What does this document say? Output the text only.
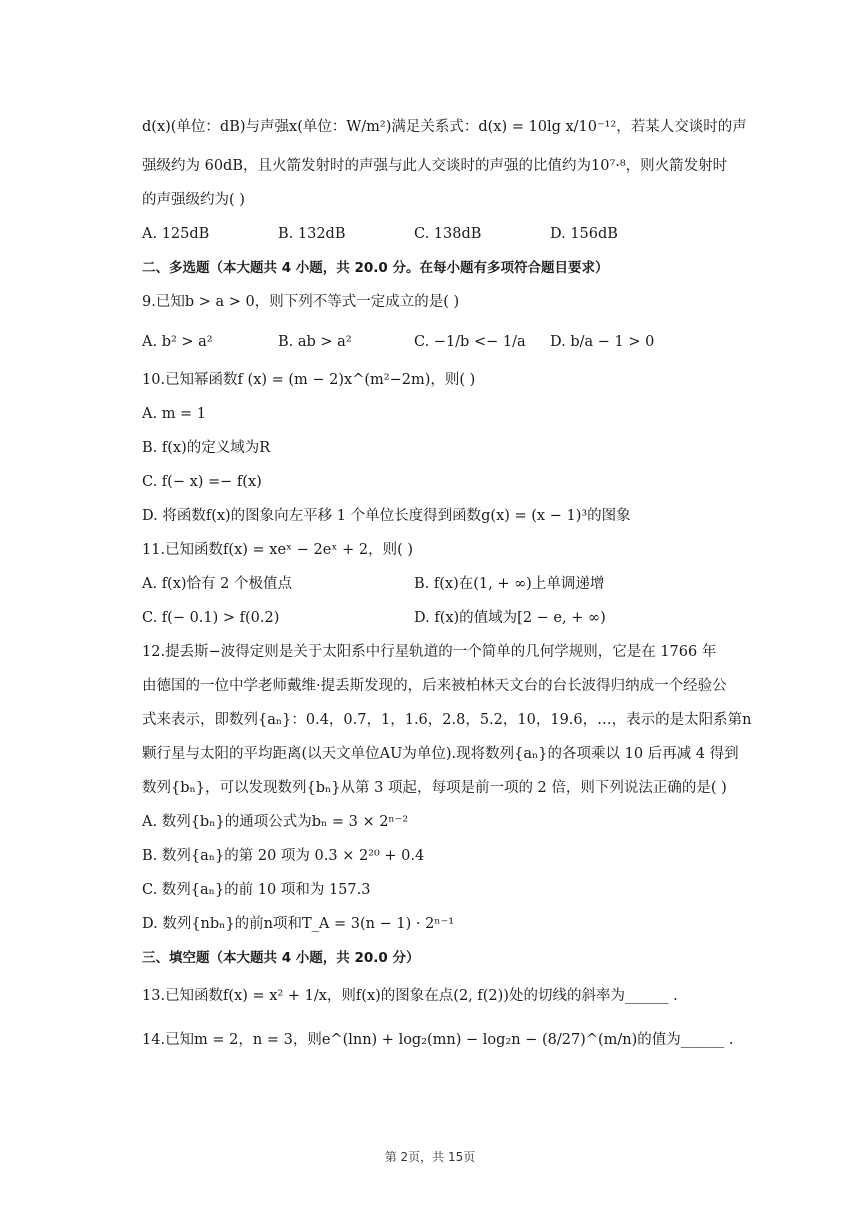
d(x)(单位：dB)与声强x(单位：W/m²)满足关系式：d(x) = 10lg x/10⁻¹²，若某人交谈时的声
强级约为 60dB，且火箭发射时的声强与此人交谈时的声强的比值约为10⁷·⁸，则火箭发射时
的声强级约为( )
A. 125dB	B. 132dB	C. 138dB	D. 156dB
二、多选题（本大题共 4 小题，共 20.0 分。在每小题有多项符合题目要求）
9.已知b > a > 0，则下列不等式一定成立的是( )
A. b² > a²	B. ab > a²	C. −1/b <− 1/a	D. b/a − 1 > 0
10.已知幂函数f (x) = (m − 2)x^(m²−2m)，则( )
A. m = 1
B. f(x)的定义域为R
C. f(− x) =− f(x)
D. 将函数f(x)的图象向左平移 1 个单位长度得到函数g(x) = (x − 1)³的图象
11.已知函数f(x) = xeˣ − 2eˣ + 2，则( )
A. f(x)恰有 2 个极值点	B. f(x)在(1, + ∞)上单调递增
C. f(− 0.1) > f(0.2)	D. f(x)的值域为[2 − e, + ∞)
12.提丢斯−波得定则是关于太阳系中行星轨道的一个简单的几何学规则，它是在 1766 年
由德国的一位中学老师戴维·提丢斯发现的，后来被柏林天文台的台长波得归纳成一个经验公
式来表示，即数列{aₙ}：0.4，0.7，1，1.6，2.8，5.2，10，19.6，…，表示的是太阳系第n
颗行星与太阳的平均距离(以天文单位AU为单位).现将数列{aₙ}的各项乘以 10 后再减 4 得到
数列{bₙ}，可以发现数列{bₙ}从第 3 项起，每项是前一项的 2 倍，则下列说法正确的是( )
A. 数列{bₙ}的通项公式为bₙ = 3 × 2ⁿ⁻²
B. 数列{aₙ}的第 20 项为 0.3 × 2²⁰ + 0.4
C. 数列{aₙ}的前 10 项和为 157.3
D. 数列{nbₙ}的前n项和T_A = 3(n − 1) · 2ⁿ⁻¹
三、填空题（本大题共 4 小题，共 20.0 分）
13.已知函数f(x) = x² + 1/x，则f(x)的图象在点(2, f(2))处的切线的斜率为______ .
14.已知m = 2，n = 3，则e^(lnn) + log₂(mn) − log₂n − (8/27)^(m/n)的值为______ .
第 2页，共 15页
